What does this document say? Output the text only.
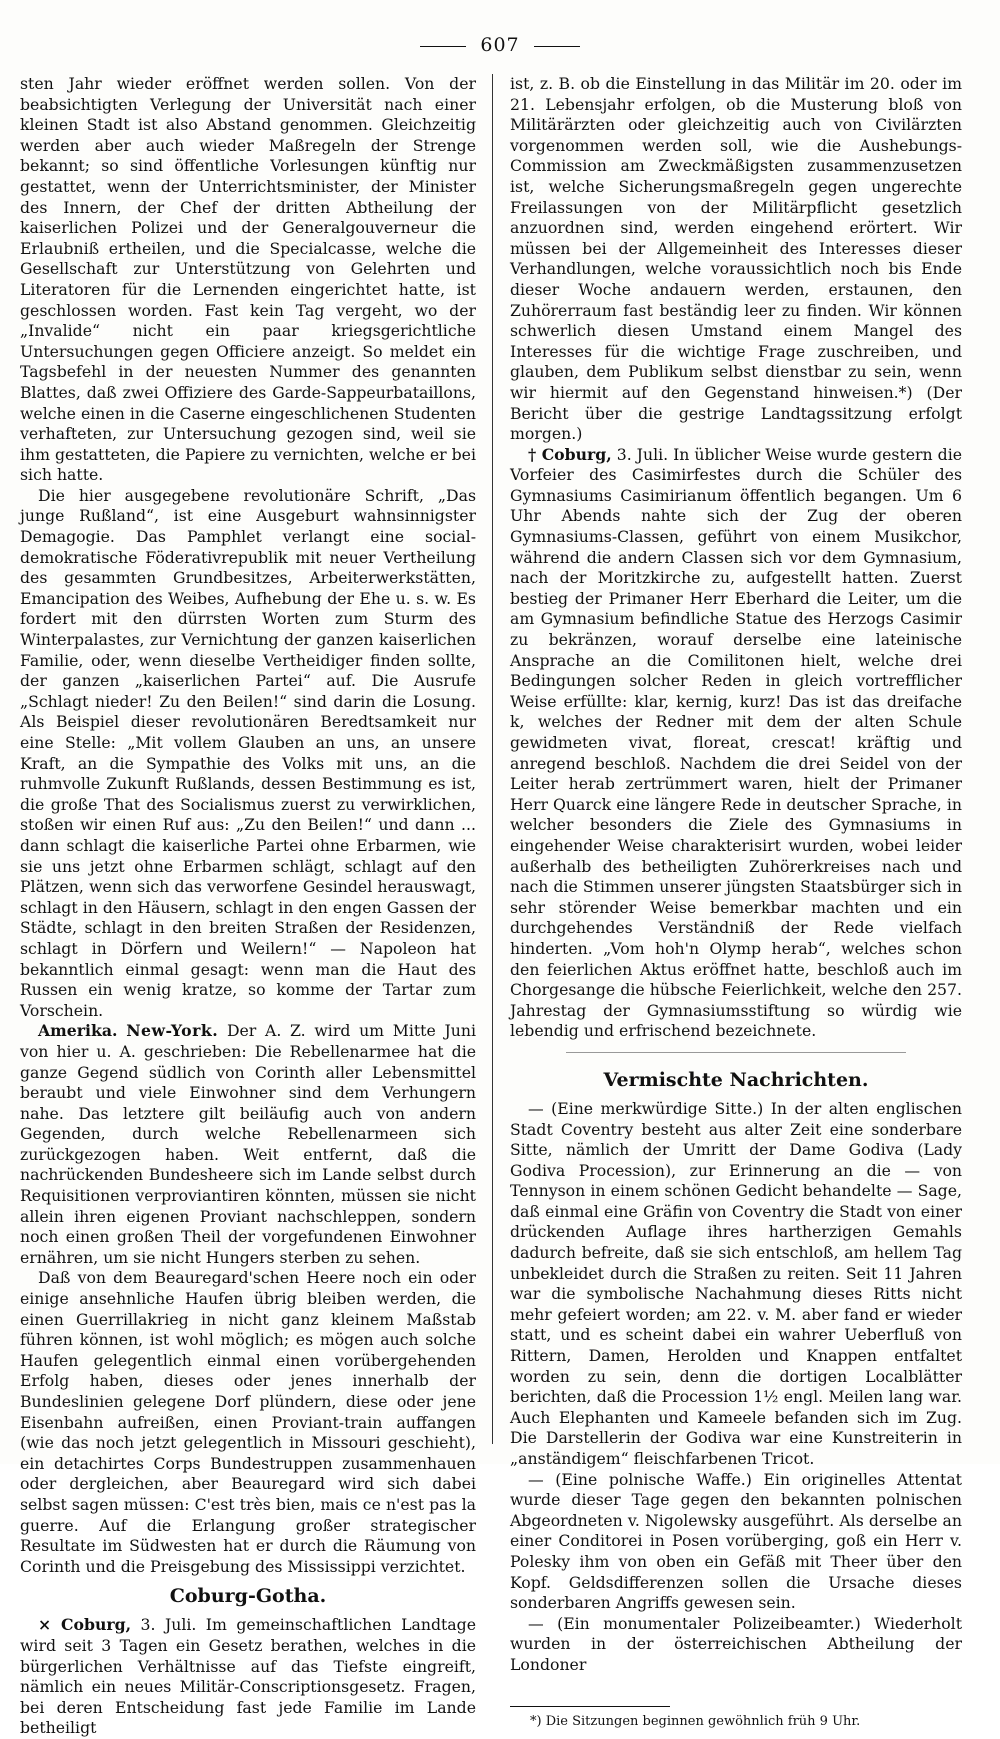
607

sten Jahr wieder eröffnet werden sollen. Von der beabsichtigten Verlegung der Universität nach einer kleinen Stadt ist also Abstand genommen. Gleichzeitig werden aber auch wieder Maßregeln der Strenge bekannt; so sind öffentliche Vorlesungen künftig nur gestattet, wenn der Unterrichtsminister, der Minister des Innern, der Chef der dritten Abtheilung der kaiserlichen Polizei und der Generalgouverneur die Erlaubniß ertheilen, und die Specialcasse, welche die Gesellschaft zur Unterstützung von Gelehrten und Literatoren für die Lernenden eingerichtet hatte, ist geschlossen worden. Fast kein Tag vergeht, wo der „Invalide“ nicht ein paar kriegsgerichtliche Untersuchungen gegen Officiere anzeigt. So meldet ein Tagsbefehl in der neuesten Nummer des genannten Blattes, daß zwei Offiziere des Garde-Sappeurbataillons, welche einen in die Caserne eingeschlichenen Studenten verhafteten, zur Untersuchung gezogen sind, weil sie ihm gestatteten, die Papiere zu vernichten, welche er bei sich hatte.

Die hier ausgegebene revolutionäre Schrift, „Das junge Rußland“, ist eine Ausgeburt wahnsinnigster Demagogie. Das Pamphlet verlangt eine social-demokratische Föderativrepublik mit neuer Vertheilung des gesammten Grundbesitzes, Arbeiterwerkstätten, Emancipation des Weibes, Aufhebung der Ehe u. s. w. Es fordert mit den dürrsten Worten zum Sturm des Winterpalastes, zur Vernichtung der ganzen kaiserlichen Familie, oder, wenn dieselbe Vertheidiger finden sollte, der ganzen „kaiserlichen Partei“ auf. Die Ausrufe „Schlagt nieder! Zu den Beilen!“ sind darin die Losung. Als Beispiel dieser revolutionären Beredtsamkeit nur eine Stelle: „Mit vollem Glauben an uns, an unsere Kraft, an die Sympathie des Volks mit uns, an die ruhmvolle Zukunft Rußlands, dessen Bestimmung es ist, die große That des Socialismus zuerst zu verwirklichen, stoßen wir einen Ruf aus: „Zu den Beilen!“ und dann ... dann schlagt die kaiserliche Partei ohne Erbarmen, wie sie uns jetzt ohne Erbarmen schlägt, schlagt auf den Plätzen, wenn sich das verworfene Gesindel herauswagt, schlagt in den Häusern, schlagt in den engen Gassen der Städte, schlagt in den breiten Straßen der Residenzen, schlagt in Dörfern und Weilern!“ — Napoleon hat bekanntlich einmal gesagt: wenn man die Haut des Russen ein wenig kratze, so komme der Tartar zum Vorschein.

Amerika. New-York. Der A. Z. wird um Mitte Juni von hier u. A. geschrieben: Die Rebellenarmee hat die ganze Gegend südlich von Corinth aller Lebensmittel beraubt und viele Einwohner sind dem Verhungern nahe. Das letztere gilt beiläufig auch von andern Gegenden, durch welche Rebellenarmeen sich zurückgezogen haben. Weit entfernt, daß die nachrückenden Bundesheere sich im Lande selbst durch Requisitionen verproviantiren könnten, müssen sie nicht allein ihren eigenen Proviant nachschleppen, sondern noch einen großen Theil der vorgefundenen Einwohner ernähren, um sie nicht Hungers sterben zu sehen.

Daß von dem Beauregard'schen Heere noch ein oder einige ansehnliche Haufen übrig bleiben werden, die einen Guerrillakrieg in nicht ganz kleinem Maßstab führen können, ist wohl möglich; es mögen auch solche Haufen gelegentlich einmal einen vorübergehenden Erfolg haben, dieses oder jenes innerhalb der Bundeslinien gelegene Dorf plündern, diese oder jene Eisenbahn aufreißen, einen Proviant-train auffangen (wie das noch jetzt gelegentlich in Missouri geschieht), ein detachirtes Corps Bundestruppen zusammenhauen oder dergleichen, aber Beauregard wird sich dabei selbst sagen müssen: C'est très bien, mais ce n'est pas la guerre. Auf die Erlangung großer strategischer Resultate im Südwesten hat er durch die Räumung von Corinth und die Preisgebung des Mississippi verzichtet.

Coburg-Gotha.

× Coburg, 3. Juli. Im gemeinschaftlichen Landtage wird seit 3 Tagen ein Gesetz berathen, welches in die bürgerlichen Verhältnisse auf das Tiefste eingreift, nämlich ein neues Militär-Conscriptionsgesetz. Fragen, bei deren Entscheidung fast jede Familie im Lande betheiligt

ist, z. B. ob die Einstellung in das Militär im 20. oder im 21. Lebensjahr erfolgen, ob die Musterung bloß von Militärärzten oder gleichzeitig auch von Civilärzten vorgenommen werden soll, wie die Aushebungs-Commission am Zweckmäßigsten zusammenzusetzen ist, welche Sicherungsmaßregeln gegen ungerechte Freilassungen von der Militärpflicht gesetzlich anzuordnen sind, werden eingehend erörtert. Wir müssen bei der Allgemeinheit des Interesses dieser Verhandlungen, welche voraussichtlich noch bis Ende dieser Woche andauern werden, erstaunen, den Zuhörerraum fast beständig leer zu finden. Wir können schwerlich diesen Umstand einem Mangel des Interesses für die wichtige Frage zuschreiben, und glauben, dem Publikum selbst dienstbar zu sein, wenn wir hiermit auf den Gegenstand hinweisen.*) (Der Bericht über die gestrige Landtagssitzung erfolgt morgen.)

† Coburg, 3. Juli. In üblicher Weise wurde gestern die Vorfeier des Casimirfestes durch die Schüler des Gymnasiums Casimirianum öffentlich begangen. Um 6 Uhr Abends nahte sich der Zug der oberen Gymnasiums-Classen, geführt von einem Musikchor, während die andern Classen sich vor dem Gymnasium, nach der Moritzkirche zu, aufgestellt hatten. Zuerst bestieg der Primaner Herr Eberhard die Leiter, um die am Gymnasium befindliche Statue des Herzogs Casimir zu bekränzen, worauf derselbe eine lateinische Ansprache an die Comilitonen hielt, welche drei Bedingungen solcher Reden in gleich vortrefflicher Weise erfüllte: klar, kernig, kurz! Das ist das dreifache k, welches der Redner mit dem der alten Schule gewidmeten vivat, floreat, crescat! kräftig und anregend beschloß. Nachdem die drei Seidel von der Leiter herab zertrümmert waren, hielt der Primaner Herr Quarck eine längere Rede in deutscher Sprache, in welcher besonders die Ziele des Gymnasiums in eingehender Weise charakterisirt wurden, wobei leider außerhalb des betheiligten Zuhörerkreises nach und nach die Stimmen unserer jüngsten Staatsbürger sich in sehr störender Weise bemerkbar machten und ein durchgehendes Verständniß der Rede vielfach hinderten. „Vom hoh'n Olymp herab“, welches schon den feierlichen Aktus eröffnet hatte, beschloß auch im Chorgesange die hübsche Feierlichkeit, welche den 257. Jahrestag der Gymnasiumsstiftung so würdig wie lebendig und erfrischend bezeichnete.

Vermischte Nachrichten.

— (Eine merkwürdige Sitte.) In der alten englischen Stadt Coventry besteht aus alter Zeit eine sonderbare Sitte, nämlich der Umritt der Dame Godiva (Lady Godiva Procession), zur Erinnerung an die — von Tennyson in einem schönen Gedicht behandelte — Sage, daß einmal eine Gräfin von Coventry die Stadt von einer drückenden Auflage ihres hartherzigen Gemahls dadurch befreite, daß sie sich entschloß, am hellem Tag unbekleidet durch die Straßen zu reiten. Seit 11 Jahren war die symbolische Nachahmung dieses Ritts nicht mehr gefeiert worden; am 22. v. M. aber fand er wieder statt, und es scheint dabei ein wahrer Ueberfluß von Rittern, Damen, Herolden und Knappen entfaltet worden zu sein, denn die dortigen Localblätter berichten, daß die Procession 1½ engl. Meilen lang war. Auch Elephanten und Kameele befanden sich im Zug. Die Darstellerin der Godiva war eine Kunstreiterin in „anständigem“ fleischfarbenen Tricot.

— (Eine polnische Waffe.) Ein originelles Attentat wurde dieser Tage gegen den bekannten polnischen Abgeordneten v. Nigolewsky ausgeführt. Als derselbe an einer Conditorei in Posen vorüberging, goß ein Herr v. Polesky ihm von oben ein Gefäß mit Theer über den Kopf. Geldsdifferenzen sollen die Ursache dieses sonderbaren Angriffs gewesen sein.

— (Ein monumentaler Polizeibeamter.) Wiederholt wurden in der österreichischen Abtheilung der Londoner

*) Die Sitzungen beginnen gewöhnlich früh 9 Uhr.
